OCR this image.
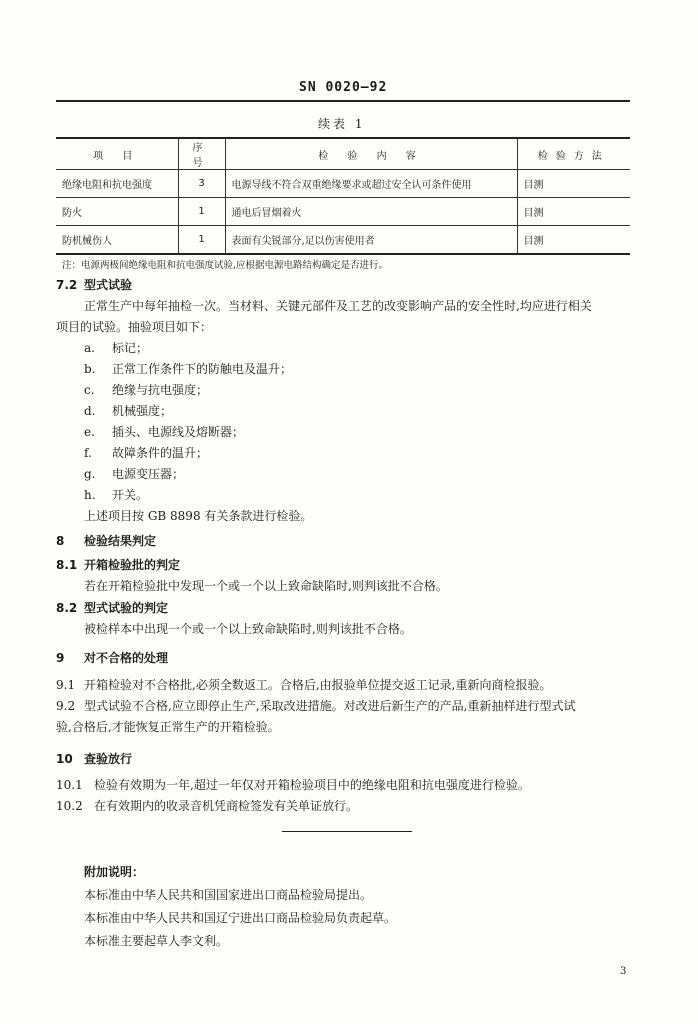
SN 0020—92
续表 1
项 目	序 号	检 验 内 容	检验方法
绝缘电阻和抗电强度	3	电源导线不符合双重绝缘要求或超过安全认可条件使用	目测
防火	1	通电后冒烟着火	目测
防机械伤人	1	表面有尖锐部分,足以伤害使用者	目测
注：电源两极间绝缘电阻和抗电强度试验,应根据电源电路结构确定是否进行。
7.2 型式试验
正常生产中每年抽检一次。当材料、关键元部件及工艺的改变影响产品的安全性时,均应进行相关
项目的试验。抽验项目如下：
a. 标记；
b. 正常工作条件下的防触电及温升；
c. 绝缘与抗电强度；
d. 机械强度；
e. 插头、电源线及熔断器；
f. 故障条件的温升；
g. 电源变压器；
h. 开关。
上述项目按 GB 8898 有关条款进行检验。
8 检验结果判定
8.1 开箱检验批的判定
若在开箱检验批中发现一个或一个以上致命缺陷时,则判该批不合格。
8.2 型式试验的判定
被检样本中出现一个或一个以上致命缺陷时,则判该批不合格。
9 对不合格的处理
9.1 开箱检验对不合格批,必须全数返工。合格后,由报验单位提交返工记录,重新向商检报验。
9.2 型式试验不合格,应立即停止生产,采取改进措施。对改进后新生产的产品,重新抽样进行型式试
验,合格后,才能恢复正常生产的开箱检验。
10 查验放行
10.1 检验有效期为一年,超过一年仅对开箱检验项目中的绝缘电阻和抗电强度进行检验。
10.2 在有效期内的收录音机凭商检签发有关单证放行。
附加说明：
本标准由中华人民共和国国家进出口商品检验局提出。
本标准由中华人民共和国辽宁进出口商品检验局负责起草。
本标准主要起草人李文利。
3
